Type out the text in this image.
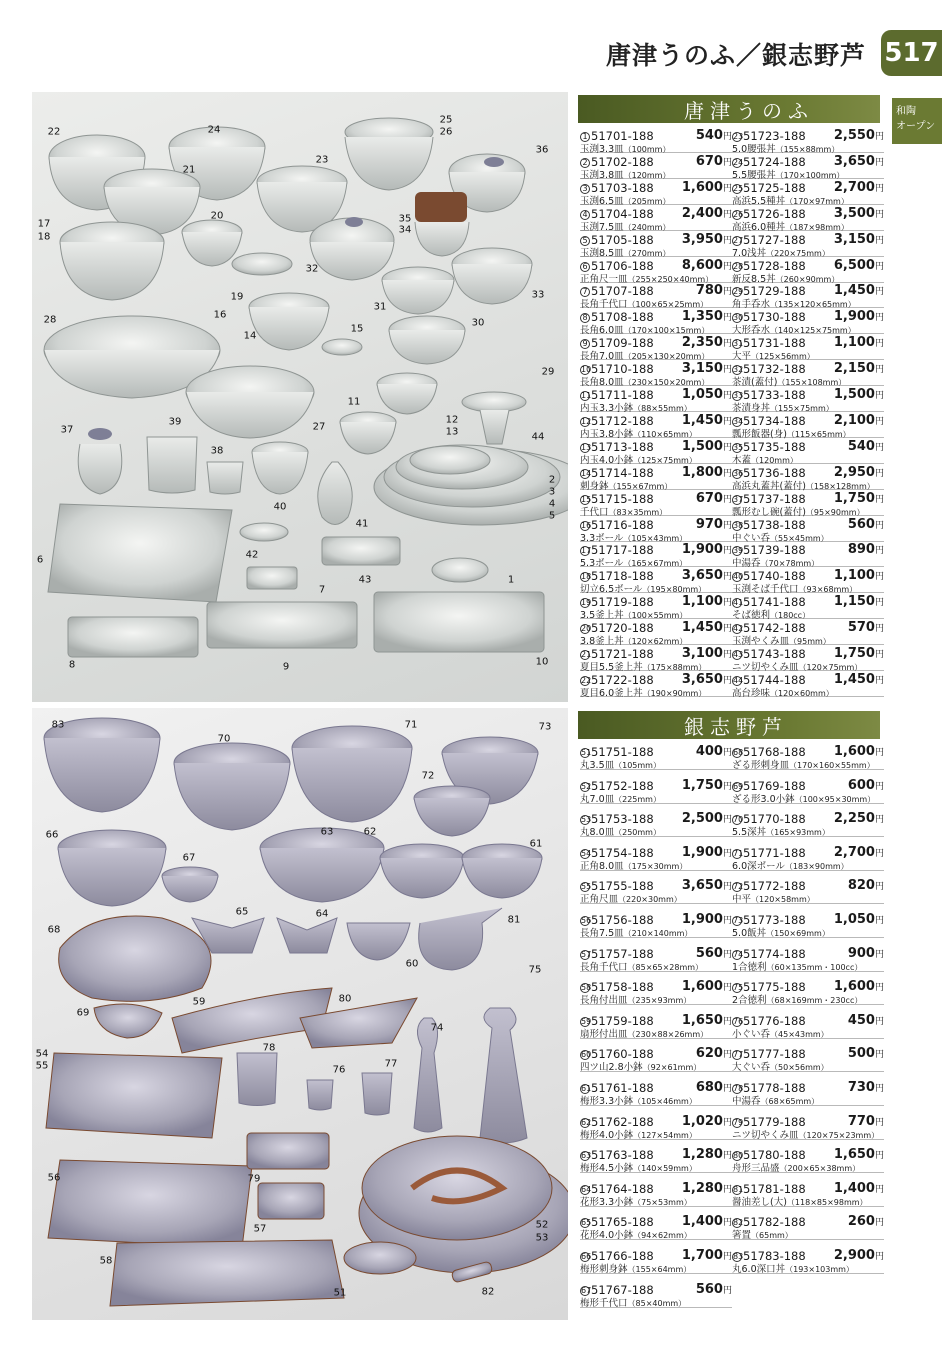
唐津うのふ／銀志野芦 517
和陶
オープン
22	24
25
26
21
23
36
17
18
20	35
34
32
19
16
31
33
28
14
15
30
29
11
12
13
27
44
37
39
38
40
2
3
4
5
6	42
41
7
43	1
8	9	10
83
70
71	73
72
66	63	62
61
67
68
65	64
81
60
75
59	80
69
74
54
55
78
76
77
56	79
57	52
53
58
51	82
唐津うのふ
銀志野芦
1 51701-188	540円
玉渕3.3皿（100mm）
2 51702-188	670円
玉渕3.8皿（120mm）
3 51703-188 1,600円
玉渕6.5皿（205mm）
4 51704-188 2,400円
玉渕7.5皿（240mm）
5 51705-188 3,950円
玉渕8.5皿（270mm）
6 51706-188 8,600円
正角尺一皿（255×250×40mm）
7 51707-188	780円
長角千代口（100×65×25mm）
8 51708-188 1,350円
長角6.0皿（170×100×15mm）
9 51709-188 2,350円
長角7.0皿（205×130×20mm）
1051710-188 3,150円
長角8.0皿（230×150×20mm）
1151711-188 1,050円
内玉3.3小鉢（88×55mm）
1251712-188 1,450円
内玉3.8小鉢（110×65mm）
1351713-188 1,500円
内玉4.0小鉢（125×75mm）
1451714-188 1,800円
刺身鉢（155×67mm）
1551715-188	670円
千代口（83×35mm）
1651716-188	970円
3.3ボール（105×43mm）
1751717-188 1,900円
5.3ボール（165×67mm）
1851718-188 3,650円
切立6.5ボール（195×80mm）
1951719-188 1,100円
3.5釜上丼（100×55mm）
2051720-188 1,450円
3.8釜上丼（120×62mm）
2151721-188 3,100円
夏目5.5釜上丼（175×88mm）
2251722-188 3,650円
夏目6.0釜上丼（190×90mm）
2351723-188 2,550円
5.0腰張丼（155×88mm）
2451724-188 3,650円
5.5腰張丼（170×100mm）
2551725-188 2,700円
高浜5.5種丼（170×97mm）
2651726-188 3,500円
高浜6.0種丼（187×98mm）
2751727-188 3,150円
7.0浅丼（220×75mm）
2851728-188 6,500円
新反8.5丼（260×90mm）
2951729-188 1,450円
角手呑水（135×120×65mm）
3051730-188 1,900円
大形呑水（140×125×75mm）
3151731-188 1,100円
大平（125×56mm）
3251732-188 2,150円
茶漬(蓋付)（155×108mm）
3351733-188 1,500円
茶漬身丼（155×75mm）
3451734-188 2,100円
瓢形飯器(身)（115×65mm）
3551735-188	540円
木蓋（120mm）
3651736-188 2,950円
高浜丸蓋丼(蓋付)（158×128mm）
3751737-188 1,750円
瓢形むし碗(蓋付)（95×90mm）
3851738-188	560円
中ぐい呑（55×45mm）
3951739-188	890円
中湯呑（70×78mm）
4051740-188 1,100円
玉渕そば千代口（93×68mm）
4151741-188 1,150円
そば徳利（180cc）
4251742-188	570円
玉渕やくみ皿（95mm）
4351743-188 1,750円
ニツ切やくみ皿（120×75mm）
4451744-188 1,450円
高台珍味（120×60mm）
5151751-188	400円
丸3.5皿（105mm）
5251752-188 1,750円
丸7.0皿（225mm）
5351753-188 2,500円
丸8.0皿（250mm）
5451754-188 1,900円
正角8.0皿（175×30mm）
5551755-188 3,650円
正角尺皿（220×30mm）
5651756-188 1,900円
長角7.5皿（210×140mm）
5751757-188	560円
長角千代口（85×65×28mm）
5851758-188 1,600円
長角付出皿（235×93mm）
5951759-188 1,650円
扇形付出皿（230×88×26mm）
6051760-188	620円
四ツ山2.8小鉢（92×61mm）
6151761-188	680円
梅形3.3小鉢（105×46mm）
6251762-188 1,020円
梅形4.0小鉢（127×54mm）
6351763-188 1,280円
梅形4.5小鉢（140×59mm）
6451764-188 1,280円
花形3.3小鉢（75×53mm）
6551765-188 1,400円
花形4.0小鉢（94×62mm）
6651766-188 1,700円
梅形刺身鉢（155×64mm）
6751767-188	560円
梅形千代口（85×40mm）
6851768-188 1,600円
ざる形刺身皿（170×160×55mm）
6951769-188	600円
ざる形3.0小鉢（100×95×30mm）
7051770-188 2,250円
5.5深丼（165×93mm）
7151771-188 2,700円
6.0深ボール（183×90mm）
7251772-188	820円
中平（120×58mm）
7351773-188 1,050円
5.0飯丼（150×69mm）
7451774-188	900円
1合徳利（60×135mm・100cc）
7551775-188 1,600円
2合徳利（68×169mm・230cc）
7651776-188	450円
小ぐい呑（45×43mm）
7751777-188	500円
大ぐい呑（50×56mm）
7851778-188	730円
中湯呑（68×65mm）
7951779-188	770円
ニツ切やくみ皿（120×75×23mm）
8051780-188 1,650円
舟形三品盛（200×65×38mm）
8151781-188 1,400円
醤油差し(大)（118×85×98mm）
8251782-188	260円
箸置（65mm）
8351783-188 2,900円
丸6.0深口丼（193×103mm）
